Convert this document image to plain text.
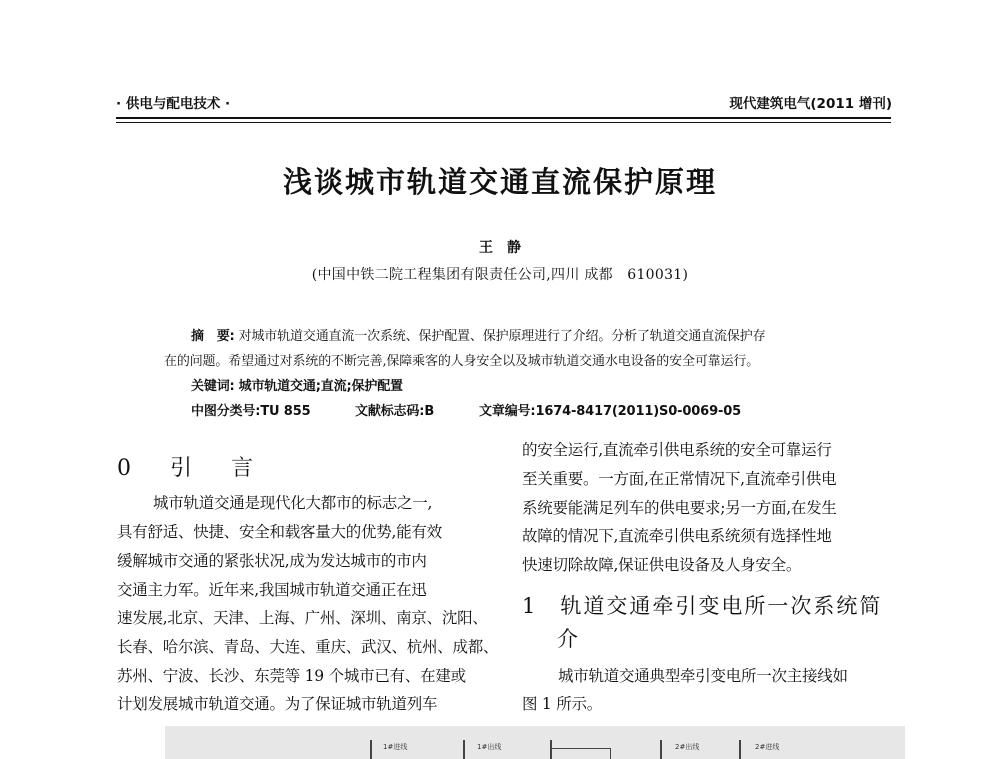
· 供电与配电技术 ·	现代建筑电气(2011 增刊)
浅谈城市轨道交通直流保护原理
王　静
(中国中铁二院工程集团有限责任公司,四川 成都　610031)
摘　要: 对城市轨道交通直流一次系统、保护配置、保护原理进行了介绍。分析了轨道交通直流保护存
在的问题。希望通过对系统的不断完善,保障乘客的人身安全以及城市轨道交通水电设备的安全可靠运行。
关键词: 城市轨道交通;直流;保护配置
中图分类号:TU 855	文献标志码:B	文章编号:1674-8417(2011)S0-0069-05
0 引 言
城市轨道交通是现代化大都市的标志之一,
具有舒适、快捷、安全和载客量大的优势,能有效
缓解城市交通的紧张状况,成为发达城市的市内
交通主力军。近年来,我国城市轨道交通正在迅
速发展,北京、天津、上海、广州、深圳、南京、沈阳、
长春、哈尔滨、青岛、大连、重庆、武汉、杭州、成都、
苏州、宁波、长沙、东莞等 19 个城市已有、在建或
计划发展城市轨道交通。为了保证城市轨道列车
的安全运行,直流牵引供电系统的安全可靠运行
至关重要。一方面,在正常情况下,直流牵引供电
系统要能满足列车的供电要求;另一方面,在发生
故障的情况下,直流牵引供电系统须有选择性地
快速切除故障,保证供电设备及人身安全。
1　轨道交通牵引变电所一次系统简
介
城市轨道交通典型牵引变电所一次主接线如
图 1 所示。
1#进线	1#出线	2#出线	2#进线
